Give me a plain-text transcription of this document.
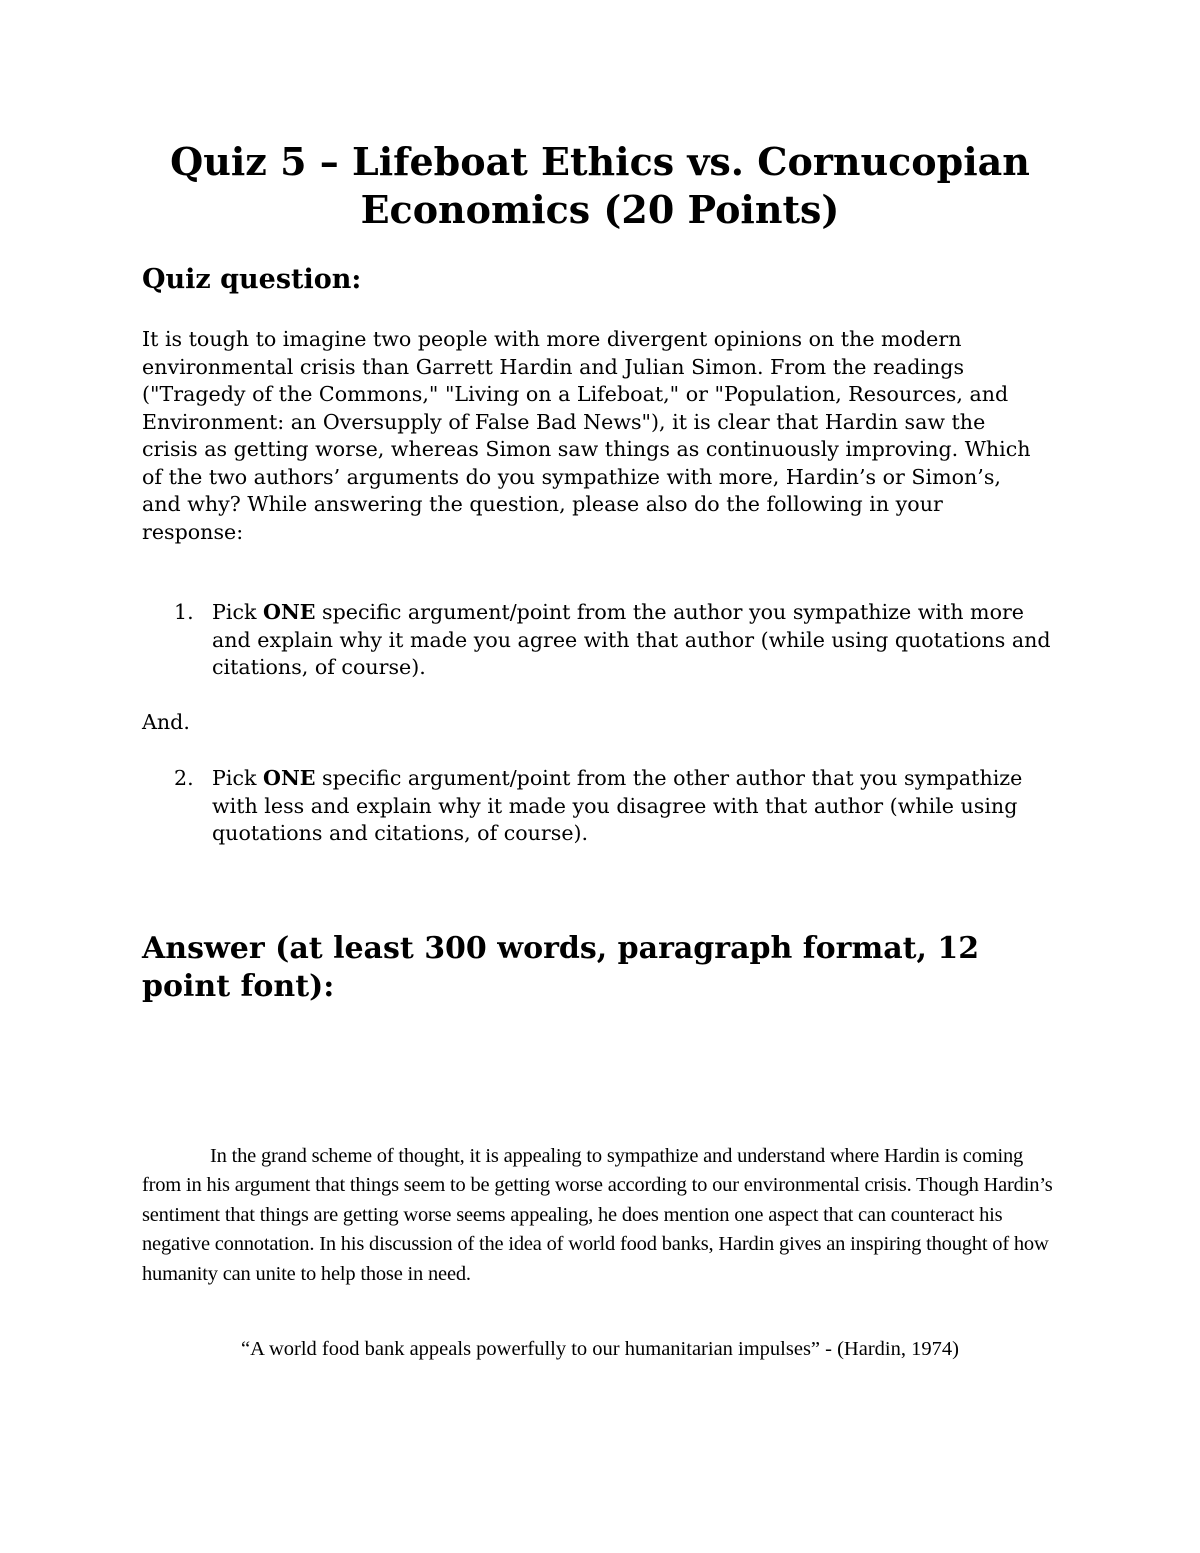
Quiz 5 – Lifeboat Ethics vs. Cornucopian Economics (20 Points)
Quiz question:

It is tough to imagine two people with more divergent opinions on the modern environmental crisis than Garrett Hardin and Julian Simon. From the readings ("Tragedy of the Commons," "Living on a Lifeboat," or "Population, Resources, and Environment: an Oversupply of False Bad News"), it is clear that Hardin saw the crisis as getting worse, whereas Simon saw things as continuously improving. Which of the two authors’ arguments do you sympathize with more, Hardin’s or Simon’s, and why? While answering the question, please also do the following in your response:

1. Pick ONE specific argument/point from the author you sympathize with more and explain why it made you agree with that author (while using quotations and citations, of course).

And.

2. Pick ONE specific argument/point from the other author that you sympathize with less and explain why it made you disagree with that author (while using quotations and citations, of course).
Answer (at least 300 words, paragraph format, 12 point font):

In the grand scheme of thought, it is appealing to sympathize and understand where Hardin is coming from in his argument that things seem to be getting worse according to our environmental crisis. Though Hardin’s sentiment that things are getting worse seems appealing, he does mention one aspect that can counteract his negative connotation. In his discussion of the idea of world food banks, Hardin gives an inspiring thought of how humanity can unite to help those in need.

“A world food bank appeals powerfully to our humanitarian impulses” - (Hardin, 1974)
